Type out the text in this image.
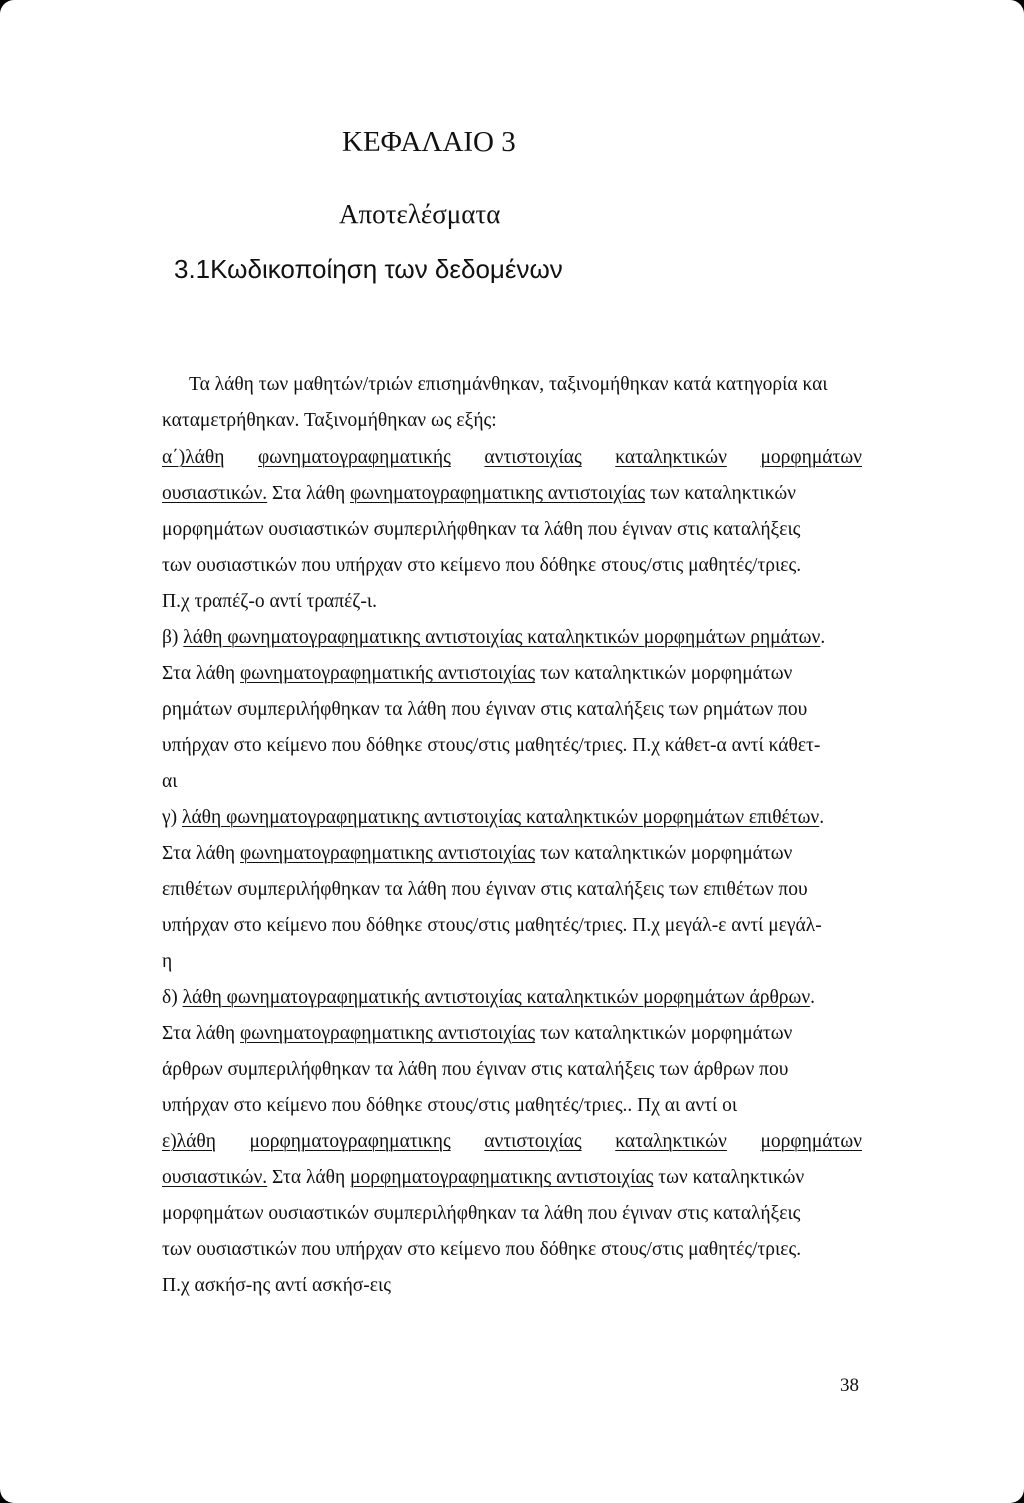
ΚΕΦΑΛΑΙΟ 3
Αποτελέσματα
3.1Κωδικοποίηση των δεδομένων
Τα λάθη των μαθητών/τριών επισημάνθηκαν, ταξινομήθηκαν κατά κατηγορία και
καταμετρήθηκαν. Ταξινομήθηκαν ως εξής:
α΄)λάθη φωνηματογραφηματικής αντιστοιχίας καταληκτικών μορφημάτων
ουσιαστικών. Στα λάθη φωνηματογραφηματικης αντιστοιχίας των καταληκτικών
μορφημάτων ουσιαστικών συμπεριλήφθηκαν τα λάθη που έγιναν στις καταλήξεις
των ουσιαστικών που υπήρχαν στο κείμενο που δόθηκε στους/στις μαθητές/τριες.
Π.χ τραπέζ-ο αντί τραπέζ-ι.
β) λάθη φωνηματογραφηματικης αντιστοιχίας καταληκτικών μορφημάτων ρημάτων.
Στα λάθη φωνηματογραφηματικής αντιστοιχίας των καταληκτικών μορφημάτων
ρημάτων συμπεριλήφθηκαν τα λάθη που έγιναν στις καταλήξεις των ρημάτων που
υπήρχαν στο κείμενο που δόθηκε στους/στις μαθητές/τριες. Π.χ κάθετ-α αντί κάθετ-
αι
γ) λάθη φωνηματογραφηματικης αντιστοιχίας καταληκτικών μορφημάτων επιθέτων.
Στα λάθη φωνηματογραφηματικης αντιστοιχίας των καταληκτικών μορφημάτων
επιθέτων συμπεριλήφθηκαν τα λάθη που έγιναν στις καταλήξεις των επιθέτων που
υπήρχαν στο κείμενο που δόθηκε στους/στις μαθητές/τριες. Π.χ μεγάλ-ε αντί μεγάλ-
η
δ) λάθη φωνηματογραφηματικής αντιστοιχίας καταληκτικών μορφημάτων άρθρων.
Στα λάθη φωνηματογραφηματικης αντιστοιχίας των καταληκτικών μορφημάτων
άρθρων συμπεριλήφθηκαν τα λάθη που έγιναν στις καταλήξεις των άρθρων που
υπήρχαν στο κείμενο που δόθηκε στους/στις μαθητές/τριες.. Πχ αι αντί οι
ε)λάθη μορφηματογραφηματικης αντιστοιχίας καταληκτικών μορφημάτων
ουσιαστικών. Στα λάθη μορφηματογραφηματικης αντιστοιχίας των καταληκτικών
μορφημάτων ουσιαστικών συμπεριλήφθηκαν τα λάθη που έγιναν στις καταλήξεις
των ουσιαστικών που υπήρχαν στο κείμενο που δόθηκε στους/στις μαθητές/τριες.
Π.χ ασκήσ-ης αντί ασκήσ-εις
38
